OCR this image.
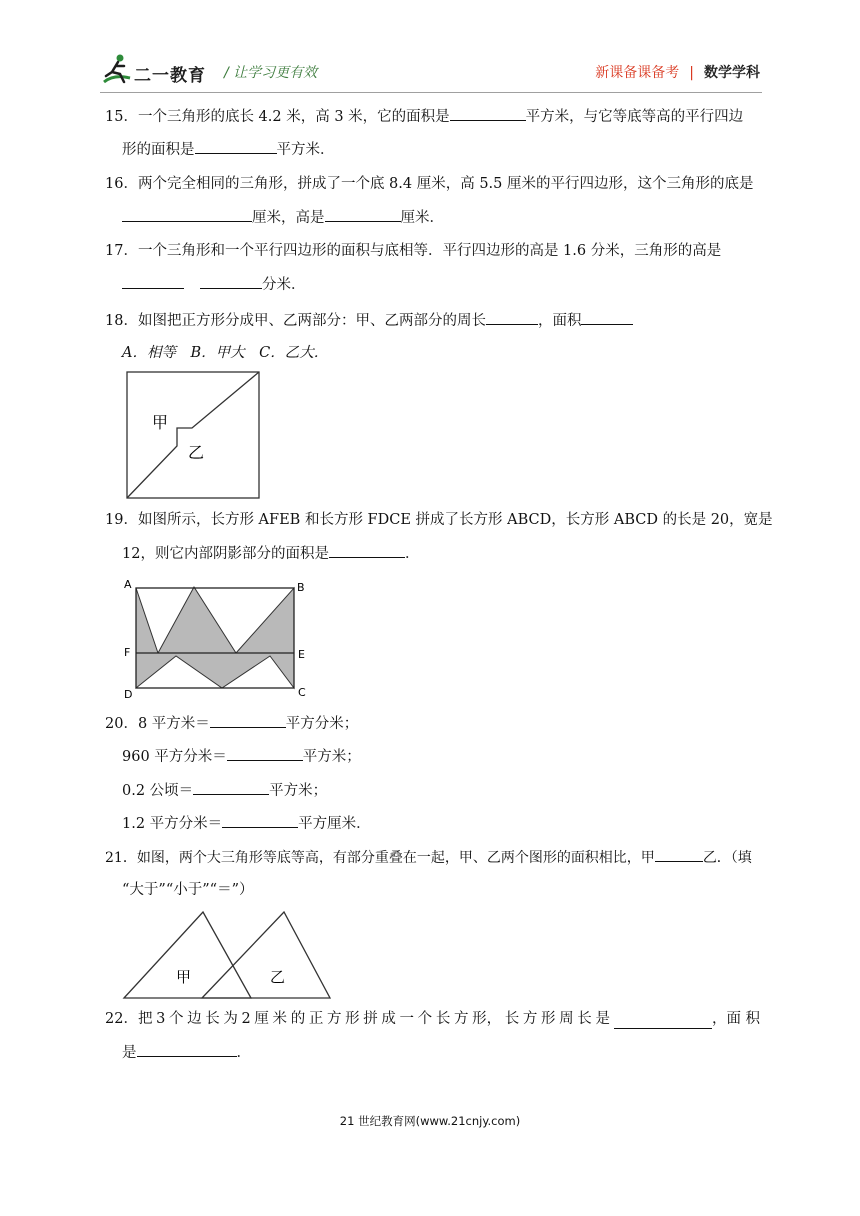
二一教育 / 让学习更有效	新课备课备考 | 数学学科
15．一个三角形的底长 4.2 米，高 3 米，它的面积是	平方米，与它等底等高的平行四边
形的面积是	平方米．
16．两个完全相同的三角形，拼成了一个底 8.4 厘米，高 5.5 厘米的平行四边形，这个三角形的底是
厘米，高是	厘米．
17．一个三角形和一个平行四边形的面积与底相等．平行四边形的高是 1.6 分米，三角形的高是
分米．
18．如图把正方形分成甲、乙两部分：甲、乙两部分的周长	，面积
A．相等　B．甲大　C．乙大．
甲
乙
19．如图所示，长方形 AFEB 和长方形 FDCE 拼成了长方形 ABCD，长方形 ABCD 的长是 20，宽是
12，则它内部阴影部分的面积是	．
A	B
F	E
D	C
20．8 平方米＝	平方分米；
960 平方分米＝	平方米；
0.2 公顷＝	平方米；
1.2 平方分米＝	平方厘米．
21．如图，两个大三角形等底等高，有部分重叠在一起，甲、乙两个图形的面积相比，甲	乙．（填
“大于”“小于”“＝”）
甲	乙
22．把 3 个 边 长 为 2 厘 米 的 正 方 形 拼 成 一 个 长 方 形， 长 方 形 周 长 是	，面 积
是	．
21 世纪教育网(www.21cnjy.com)
